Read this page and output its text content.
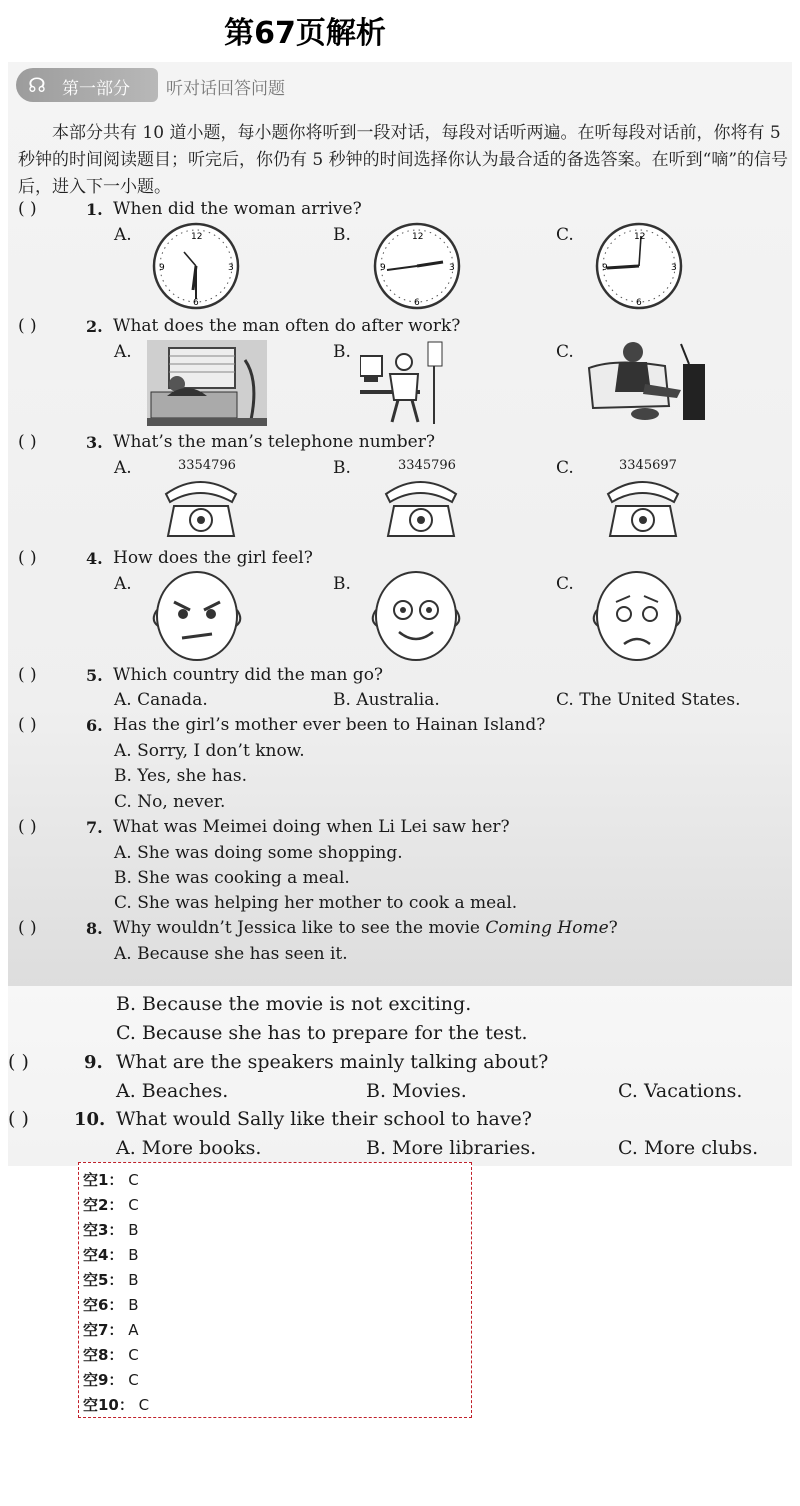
第67页解析
☊ 第一部分 听对话回答问题
本部分共有 10 道小题，每小题你将听到一段对话，每段对话听两遍。在听每段对话前，你将有 5 秒钟的时间阅读题目；听完后，你仍有 5 秒钟的时间选择你认为最合适的备选答案。在听到“嘀”的信号后，进入下一小题。
( )	1. When did the woman arrive?
A.	B.	C.
12
3
6
9
12
3
6
9
12
3
6
9
( )	2. What does the man often do after work?
A.	B.	C.
( )	3. What’s the man’s telephone number?
A.	B.	C.
3354796	3345796	3345697
( )	4. How does the girl feel?
A.	B.	C.
( )	5. Which country did the man go?
A. Canada.	B. Australia.	C. The United States.
( )	6. Has the girl’s mother ever been to Hainan Island?
A. Sorry, I don’t know.
B. Yes, she has.
C. No, never.
( )	7. What was Meimei doing when Li Lei saw her?
A. She was doing some shopping.
B. She was cooking a meal.
C. She was helping her mother to cook a meal.
( )	8. Why wouldn’t Jessica like to see the movie Coming Home?
A. Because she has seen it.
B. Because the movie is not exciting.
C. Because she has to prepare for the test.
( )	9. What are the speakers mainly talking about?
A. Beaches.	B. Movies.	C. Vacations.
( )	10. What would Sally like their school to have?
A. More books.	B. More libraries.	C. More clubs.
空1： C
空2： C
空3： B
空4： B
空5： B
空6： B
空7： A
空8： C
空9： C
空10： C
